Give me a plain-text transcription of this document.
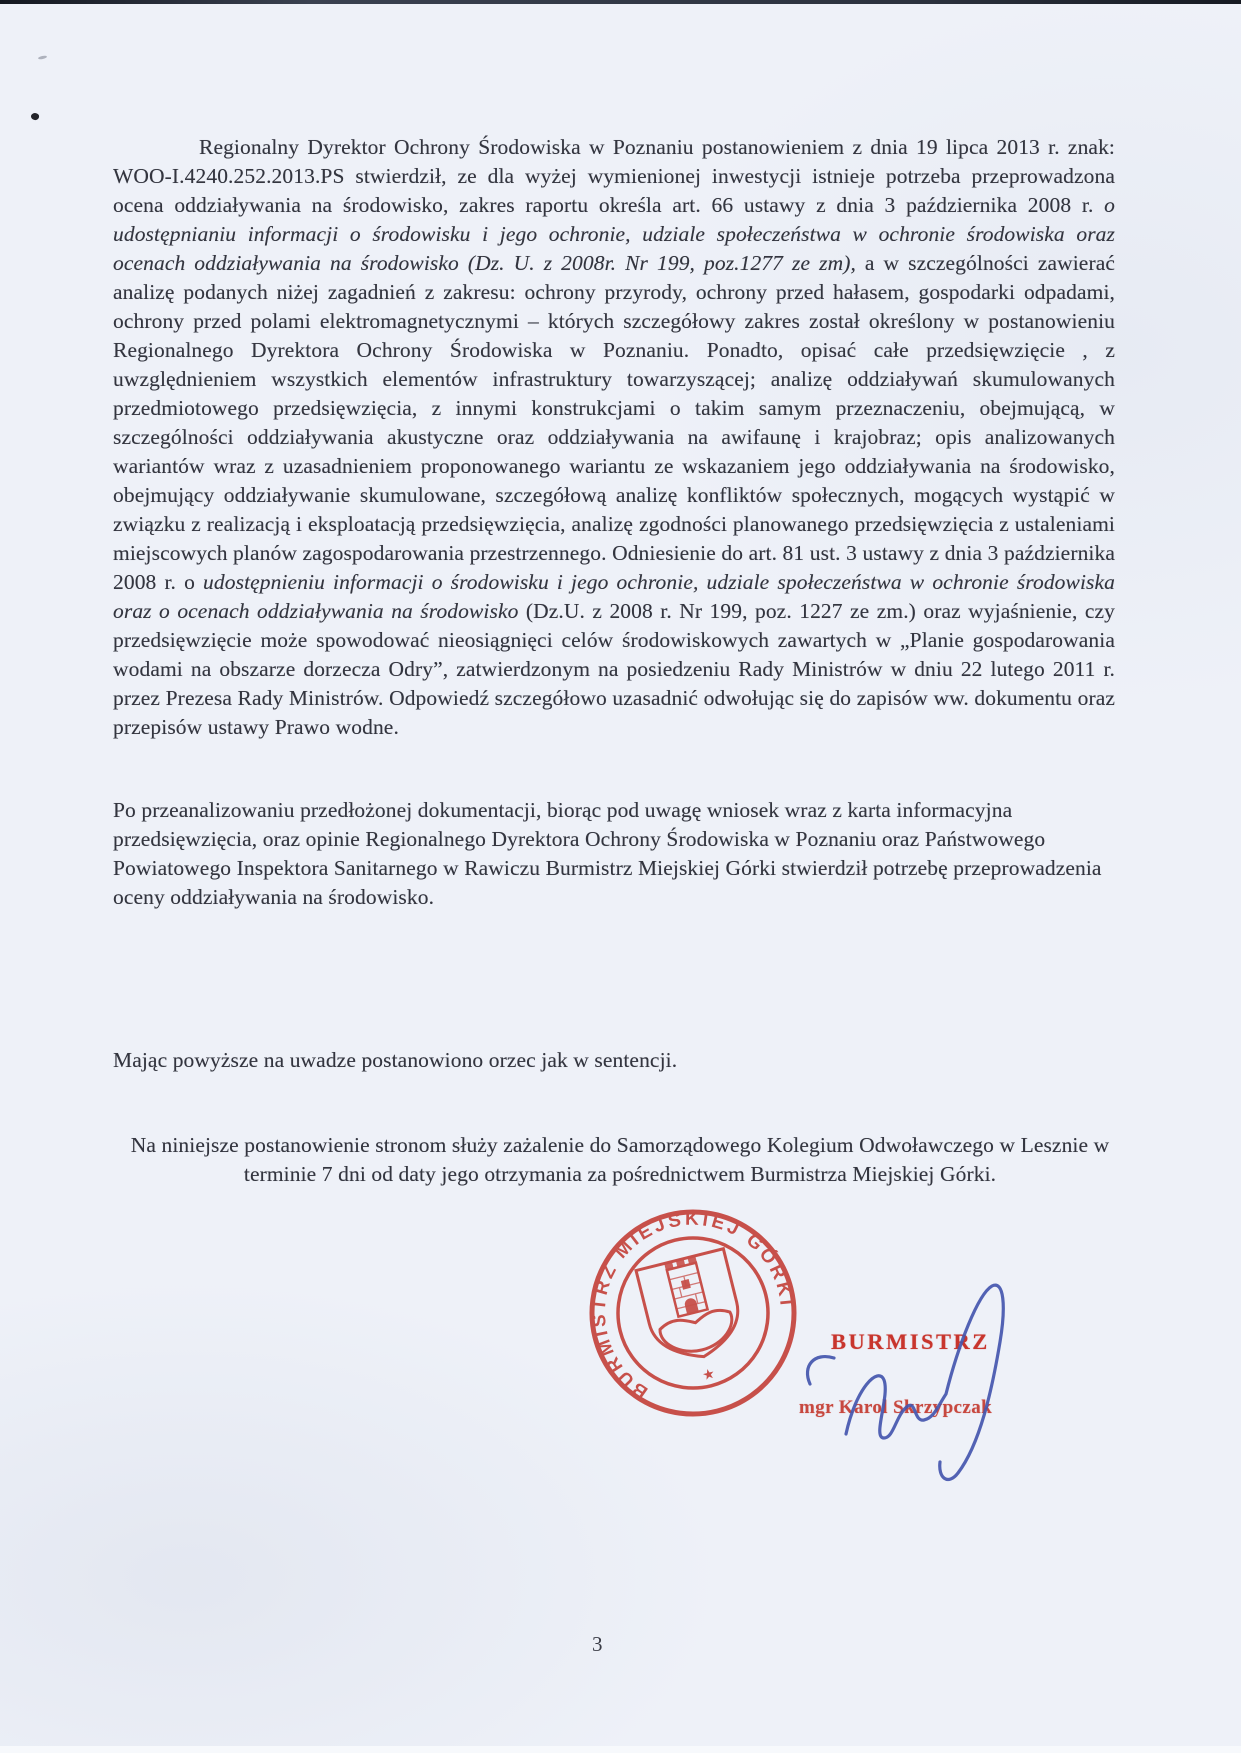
Regionalny Dyrektor Ochrony Środowiska w Poznaniu postanowieniem z dnia 19 lipca 2013 r. znak: WOO-I.4240.252.2013.PS stwierdził, ze dla wyżej wymienionej inwestycji istnieje potrzeba przeprowadzona ocena oddziaływania na środowisko, zakres raportu określa art. 66 ustawy z dnia 3 października 2008 r. o udostępnianiu informacji o środowisku i jego ochronie, udziale społeczeństwa w ochronie środowiska oraz ocenach oddziaływania na środowisko (Dz. U. z 2008r. Nr 199, poz.1277 ze zm), a w szczególności zawierać analizę podanych niżej zagadnień z zakresu: ochrony przyrody, ochrony przed hałasem, gospodarki odpadami, ochrony przed polami elektromagnetycznymi – których szczegółowy zakres został określony w postanowieniu Regionalnego Dyrektora Ochrony Środowiska w Poznaniu. Ponadto, opisać całe przedsięwzięcie , z uwzględnieniem wszystkich elementów infrastruktury towarzyszącej; analizę oddziaływań skumulowanych przedmiotowego przedsięwzięcia, z innymi konstrukcjami o takim samym przeznaczeniu, obejmującą, w szczególności oddziaływania akustyczne oraz oddziaływania na awifaunę i krajobraz; opis analizowanych wariantów wraz z uzasadnieniem proponowanego wariantu ze wskazaniem jego oddziaływania na środowisko, obejmujący oddziaływanie skumulowane, szczegółową analizę konfliktów społecznych, mogących wystąpić w związku z realizacją i eksploatacją przedsięwzięcia, analizę zgodności planowanego przedsięwzięcia z ustaleniami miejscowych planów zagospodarowania przestrzennego. Odniesienie do art. 81 ust. 3 ustawy z dnia 3 października 2008 r. o udostępnieniu informacji o środowisku i jego ochronie, udziale społeczeństwa w ochronie środowiska oraz o ocenach oddziaływania na środowisko (Dz.U. z 2008 r. Nr 199, poz. 1227 ze zm.) oraz wyjaśnienie, czy przedsięwzięcie może spowodować nieosiągnięci celów środowiskowych zawartych w „Planie gospodarowania wodami na obszarze dorzecza Odry”, zatwierdzonym na posiedzeniu Rady Ministrów w dniu 22 lutego 2011 r. przez Prezesa Rady Ministrów. Odpowiedź szczegółowo uzasadnić odwołując się do zapisów ww. dokumentu oraz przepisów ustawy Prawo wodne.
Po przeanalizowaniu przedłożonej dokumentacji, biorąc pod uwagę wniosek wraz z karta informacyjna przedsięwzięcia, oraz opinie Regionalnego Dyrektora Ochrony Środowiska w Poznaniu oraz Państwowego Powiatowego Inspektora Sanitarnego w Rawiczu Burmistrz Miejskiej Górki stwierdził potrzebę przeprowadzenia oceny oddziaływania na środowisko.
Mając powyższe na uwadze postanowiono orzec jak w sentencji.
Na niniejsze postanowienie stronom służy zażalenie do Samorządowego Kolegium Odwoławczego w Lesznie w terminie 7 dni od daty jego otrzymania za pośrednictwem Burmistrza Miejskiej Górki.
BURMISTRZ MIEJSKIEJ GÓRKI
★
BURMISTRZ
mgr Karol Skrzypczak
3
